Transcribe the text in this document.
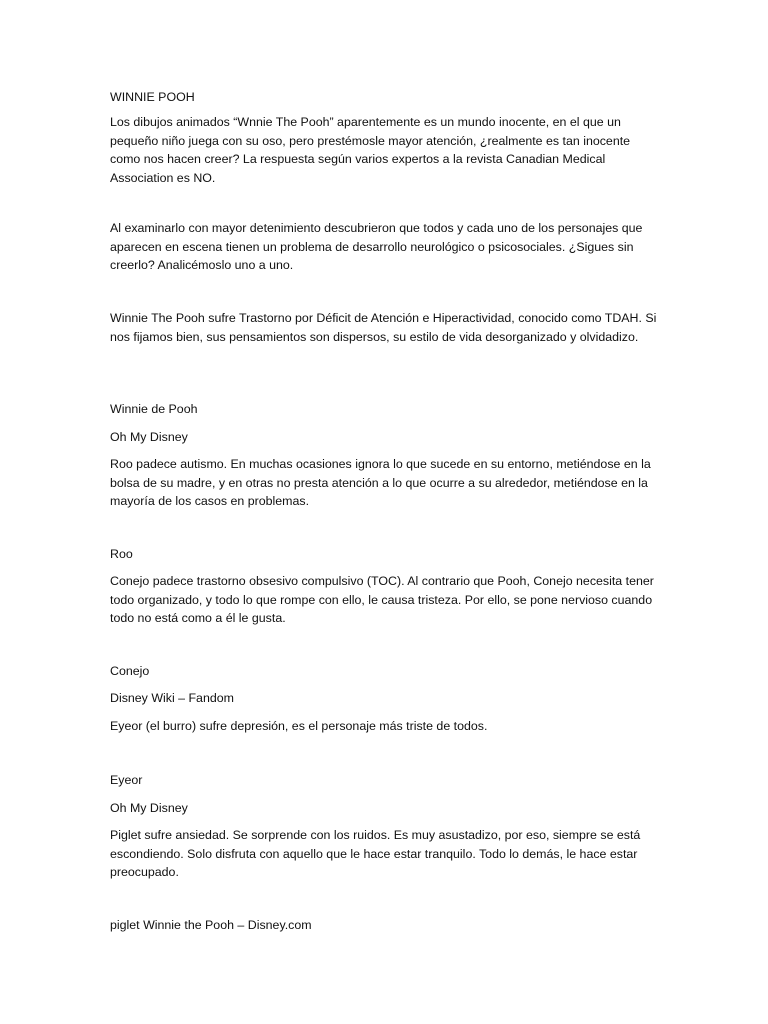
WINNIE POOH

Los dibujos animados “Wnnie The Pooh” aparentemente es un mundo inocente, en el que un pequeño niño juega con su oso, pero prestémosle mayor atención, ¿realmente es tan inocente como nos hacen creer? La respuesta según varios expertos a la revista Canadian Medical Association es NO.

Al examinarlo con mayor detenimiento descubrieron que todos y cada uno de los personajes que aparecen en escena tienen un problema de desarrollo neurológico o psicosociales. ¿Sigues sin creerlo? Analicémoslo uno a uno.

Winnie The Pooh sufre Trastorno por Déficit de Atención e Hiperactividad, conocido como TDAH. Si nos fijamos bien, sus pensamientos son dispersos, su estilo de vida desorganizado y olvidadizo.

Winnie de Pooh

Oh My Disney

Roo padece autismo. En muchas ocasiones ignora lo que sucede en su entorno, metiéndose en la bolsa de su madre, y en otras no presta atención a lo que ocurre a su alrededor, metiéndose en la mayoría de los casos en problemas.

Roo

Conejo padece trastorno obsesivo compulsivo (TOC). Al contrario que Pooh, Conejo necesita tener todo organizado, y todo lo que rompe con ello, le causa tristeza. Por ello, se pone nervioso cuando todo no está como a él le gusta.

Conejo

Disney Wiki – Fandom

Eyeor (el burro) sufre depresión, es el personaje más triste de todos.

Eyeor

Oh My Disney

Piglet sufre ansiedad. Se sorprende con los ruidos. Es muy asustadizo, por eso, siempre se está escondiendo. Solo disfruta con aquello que le hace estar tranquilo. Todo lo demás, le hace estar preocupado.

piglet Winnie the Pooh – Disney.com
